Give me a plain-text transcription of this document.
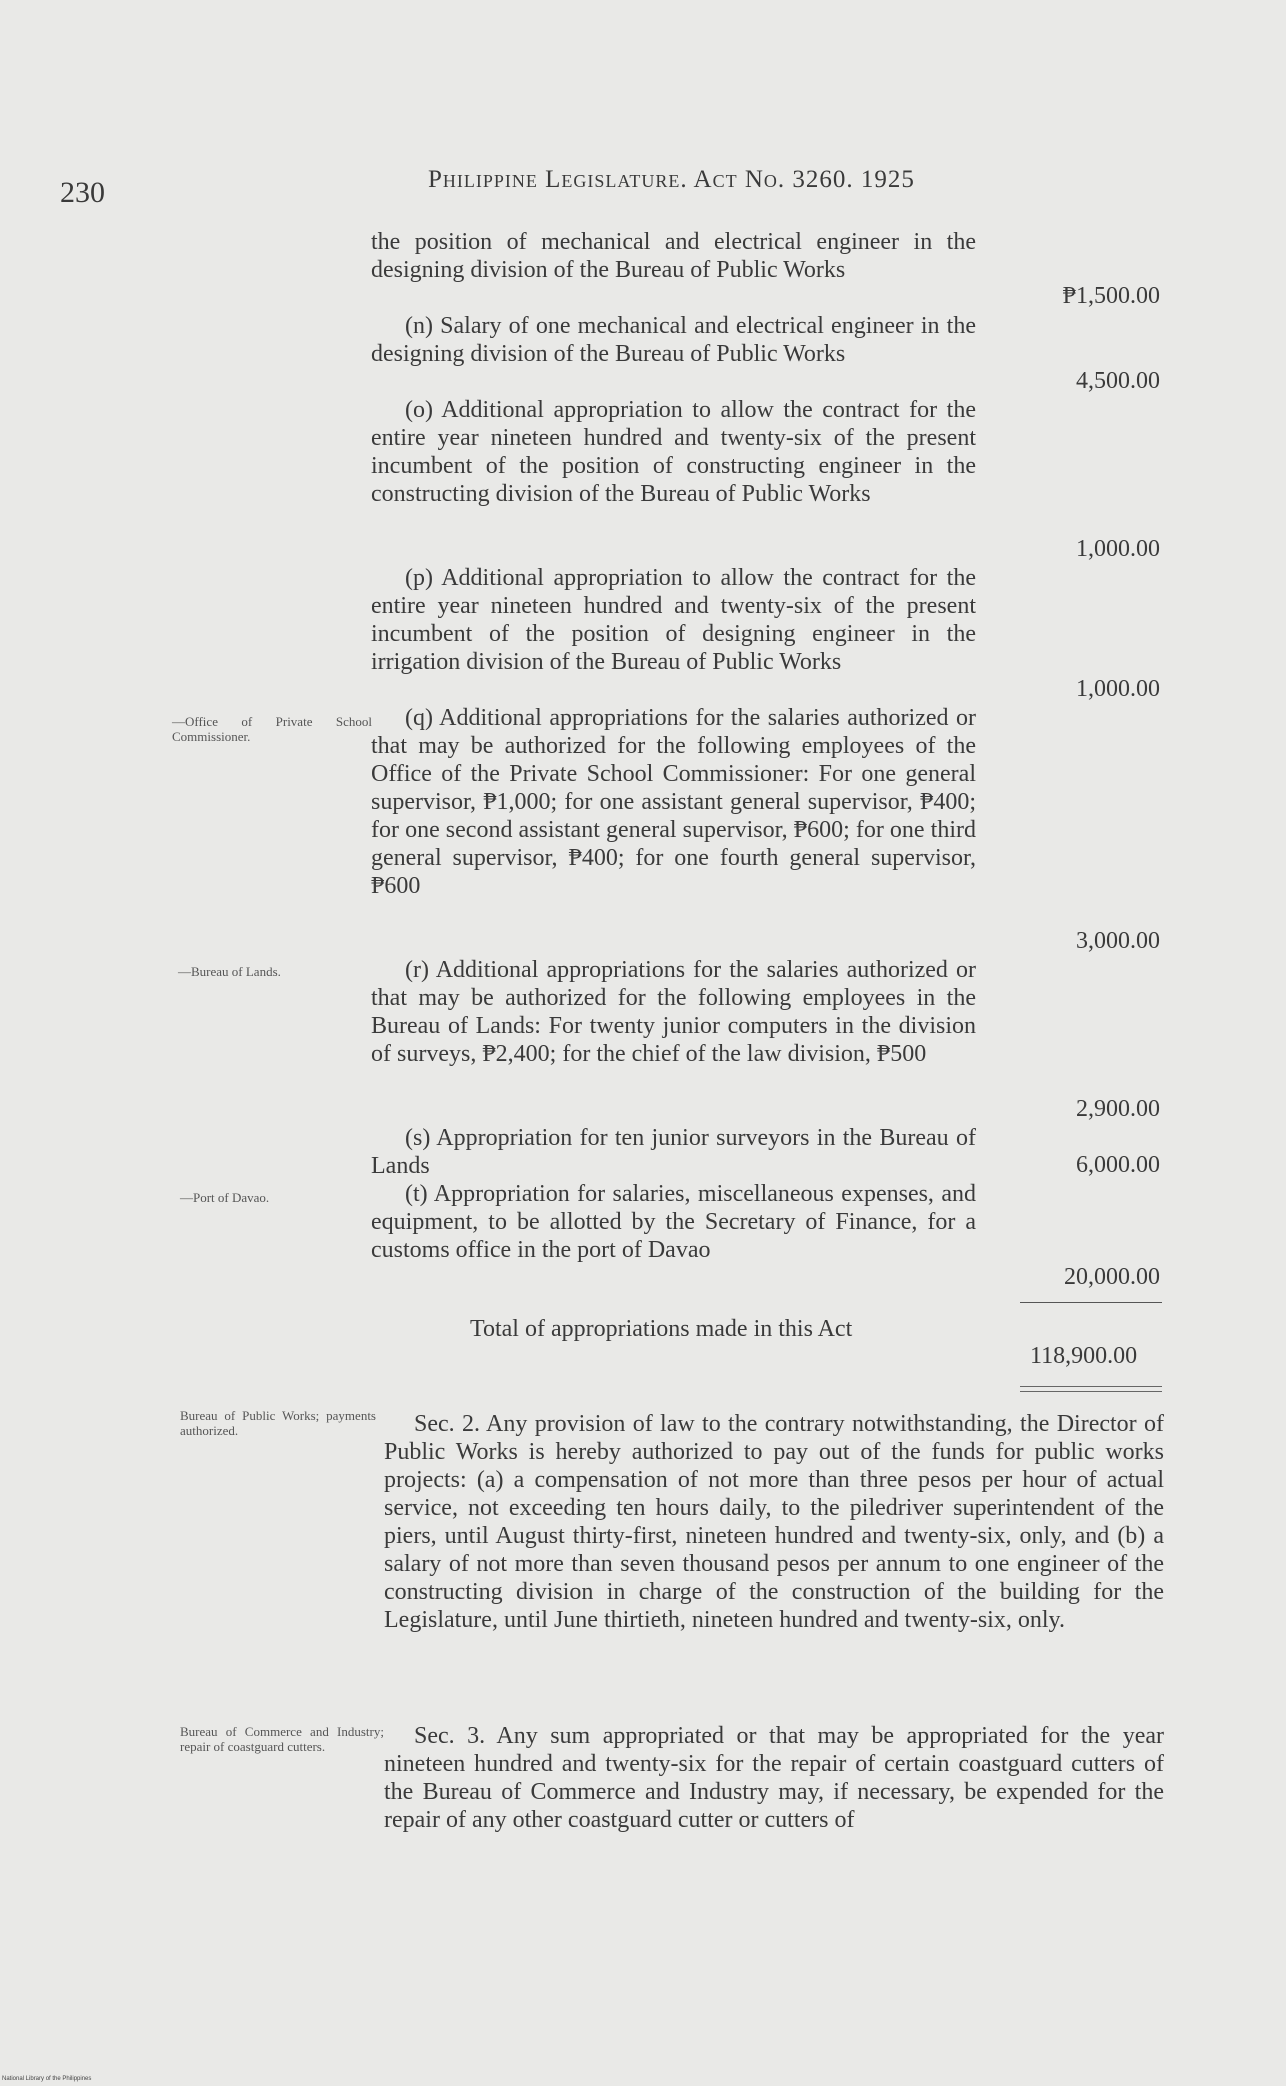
230	Philippine Legislature. Act No. 3260. 1925

the position of mechanical and electrical engineer in the designing division of the Bureau of Public Works

₱1,500.00

(n) Salary of one mechanical and electrical engineer in the designing division of the Bureau of Public Works

4,500.00

(o) Additional appropriation to allow the contract for the entire year nineteen hundred and twenty-six of the present incumbent of the position of constructing engineer in the constructing division of the Bureau of Public Works

1,000.00

(p) Additional appropriation to allow the contract for the entire year nineteen hundred and twenty-six of the present incumbent of the position of designing engineer in the irrigation division of the Bureau of Public Works

1,000.00

(q) Additional appropriations for the salaries authorized or that may be authorized for the following employees of the Office of the Private School Commissioner: For one general supervisor, ₱1,000; for one assistant general supervisor, ₱400; for one second assistant general supervisor, ₱600; for one third general supervisor, ₱400; for one fourth general supervisor, ₱600

3,000.00

(r) Additional appropriations for the salaries authorized or that may be authorized for the following employees in the Bureau of Lands: For twenty junior computers in the division of surveys, ₱2,400; for the chief of the law division, ₱500

2,900.00

(s) Appropriation for ten junior surveyors in the Bureau of Lands	6,000.00

(t) Appropriation for salaries, miscellaneous expenses, and equipment, to be allotted by the Secretary of Finance, for a customs office in the port of Davao

20,000.00
Total of appropriations made in this Act
118,900.00
—Office of Private School Commissioner.
—Bureau of Lands.
—Port of Davao.
Bureau of Public Works; payments authorized.
Bureau of Commerce and Industry; repair of coastguard cutters.

Sec. 2. Any provision of law to the contrary notwithstanding, the Director of Public Works is hereby authorized to pay out of the funds for public works projects: (a) a compensation of not more than three pesos per hour of actual service, not exceeding ten hours daily, to the piledriver superintendent of the piers, until August thirty-first, nineteen hundred and twenty-six, only, and (b) a salary of not more than seven thousand pesos per annum to one engineer of the constructing division in charge of the construction of the building for the Legislature, until June thirtieth, nineteen hundred and twenty-six, only.

Sec. 3. Any sum appropriated or that may be appropriated for the year nineteen hundred and twenty-six for the repair of certain coastguard cutters of the Bureau of Commerce and Industry may, if necessary, be expended for the repair of any other coastguard cutter or cutters of

National Library of the Philippines
